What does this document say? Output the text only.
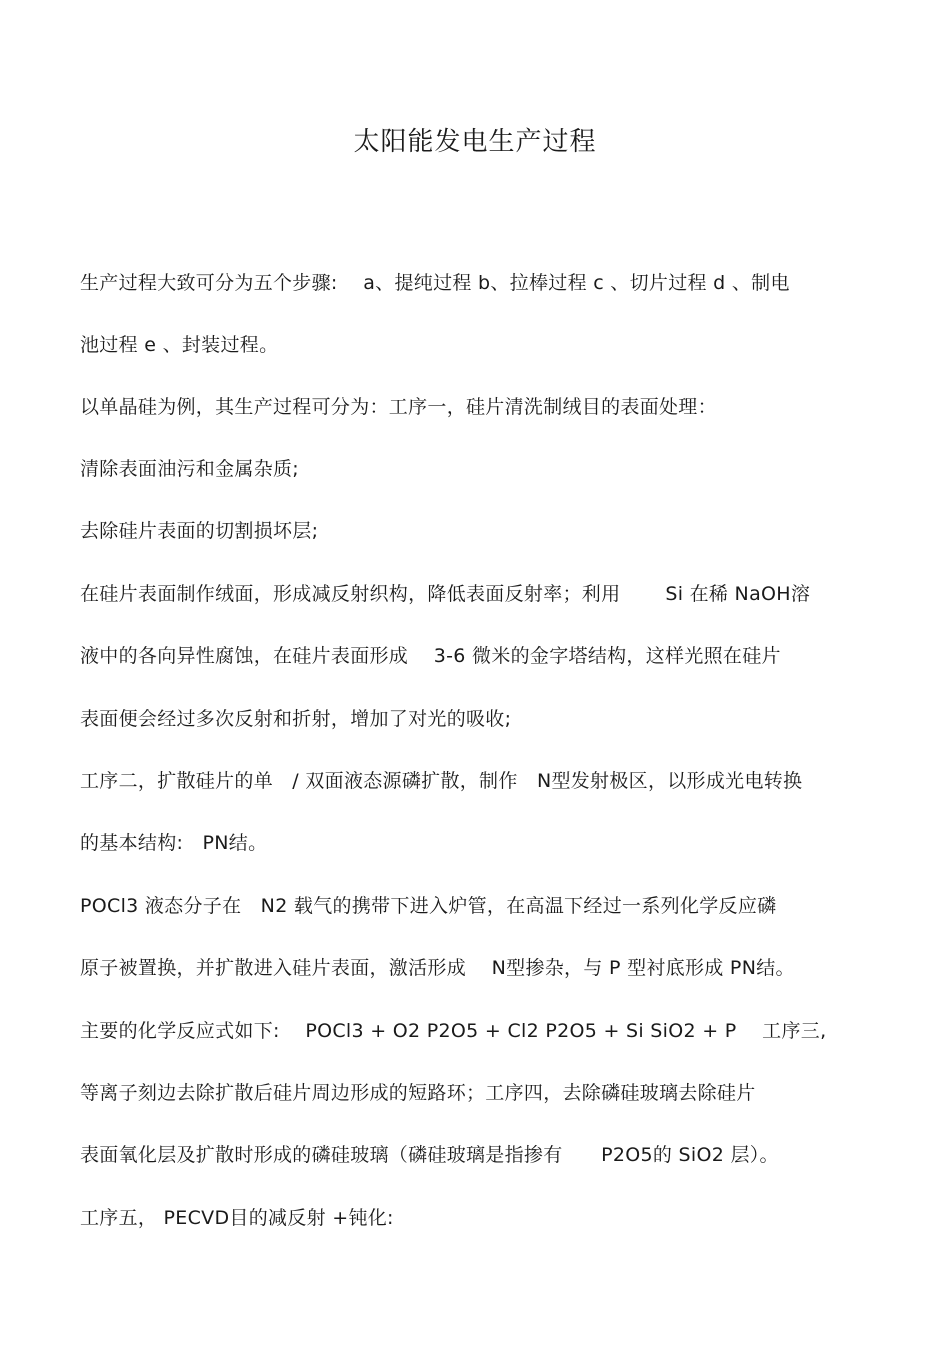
太阳能发电生产过程
生产过程大致可分为五个步骤:　 a、提纯过程 b、拉棒过程 c 、切片过程 d 、制电
池过程 e 、封装过程。
以单晶硅为例，其生产过程可分为：工序一，硅片清洗制绒目的表面处理：
清除表面油污和金属杂质;
去除硅片表面的切割损坏层;
在硅片表面制作绒面，形成减反射织构，降低表面反射率；利用　　 Si 在稀 NaOH溶
液中的各向异性腐蚀，在硅片表面形成　 3-6 微米的金字塔结构，这样光照在硅片
表面便会经过多次反射和折射，增加了对光的吸收;
工序二，扩散硅片的单　/ 双面液态源磷扩散，制作　N型发射极区，以形成光电转换
的基本结构:　PN结。
POCl3 液态分子在　N2 载气的携带下进入炉管，在高温下经过一系列化学反应磷
原子被置换，并扩散进入硅片表面，激活形成　 N型掺杂，与 P 型衬底形成 PN结。
主要的化学反应式如下:　 POCl3 + O2 P2O5 + Cl2 P2O5 + Si SiO2 + P　 工序三,
等离子刻边去除扩散后硅片周边形成的短路环；工序四，去除磷硅玻璃去除硅片
表面氧化层及扩散时形成的磷硅玻璃（磷硅玻璃是指掺有　　P2O5的 SiO2 层）。
工序五， PECVD目的减反射 +钝化:
